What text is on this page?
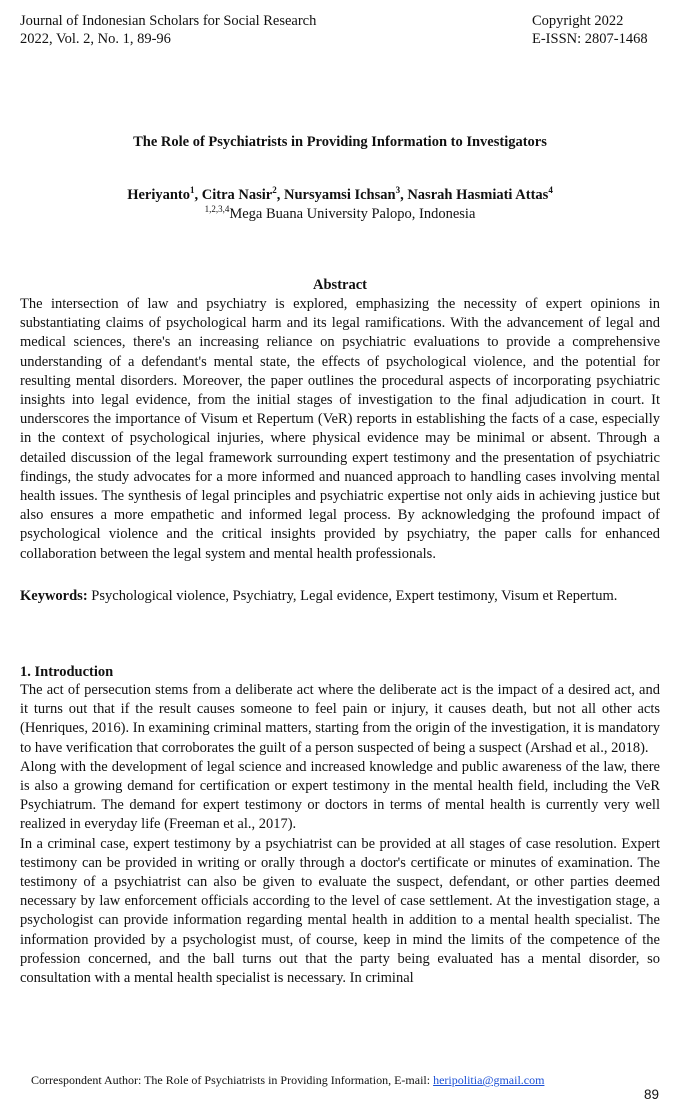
Journal of Indonesian Scholars for Social Research
2022, Vol. 2, No. 1, 89-96
Copyright 2022
E-ISSN: 2807-1468
The Role of Psychiatrists in Providing Information to Investigators
Heriyanto$^1$, Citra Nasir$^2$, Nursyamsi Ichsan$^3$, Nasrah Hasmiati Attas$^4$
$^{1,2,3,4}$Mega Buana University Palopo, Indonesia
Abstract

The intersection of law and psychiatry is explored, emphasizing the necessity of expert opinions in substantiating claims of psychological harm and its legal ramifications. With the advancement of legal and medical sciences, there's an increasing reliance on psychiatric evaluations to provide a comprehensive understanding of a defendant's mental state, the effects of psychological violence, and the potential for resulting mental disorders. Moreover, the paper outlines the procedural aspects of incorporating psychiatric insights into legal evidence, from the initial stages of investigation to the final adjudication in court. It underscores the importance of Visum et Repertum (VeR) reports in establishing the facts of a case, especially in the context of psychological injuries, where physical evidence may be minimal or absent. Through a detailed discussion of the legal framework surrounding expert testimony and the presentation of psychiatric findings, the study advocates for a more informed and nuanced approach to handling cases involving mental health issues. The synthesis of legal principles and psychiatric expertise not only aids in achieving justice but also ensures a more empathetic and informed legal process. By acknowledging the profound impact of psychological violence and the critical insights provided by psychiatry, the paper calls for enhanced collaboration between the legal system and mental health professionals.

Keywords: Psychological violence, Psychiatry, Legal evidence, Expert testimony, Visum et Repertum.

1. Introduction

The act of persecution stems from a deliberate act where the deliberate act is the impact of a desired act, and it turns out that if the result causes someone to feel pain or injury, it causes death, but not all other acts (Henriques, 2016). In examining criminal matters, starting from the origin of the investigation, it is mandatory to have verification that corroborates the guilt of a person suspected of being a suspect (Arshad et al., 2018).

Along with the development of legal science and increased knowledge and public awareness of the law, there is also a growing demand for certification or expert testimony in the mental health field, including the VeR Psychiatrum. The demand for expert testimony or doctors in terms of mental health is currently very well realized in everyday life (Freeman et al., 2017).

In a criminal case, expert testimony by a psychiatrist can be provided at all stages of case resolution. Expert testimony can be provided in writing or orally through a doctor's certificate or minutes of examination. The testimony of a psychiatrist can also be given to evaluate the suspect, defendant, or other parties deemed necessary by law enforcement officials according to the level of case settlement. At the investigation stage, a psychologist can provide information regarding mental health in addition to a mental health specialist. The information provided by a psychologist must, of course, keep in mind the limits of the competence of the profession concerned, and the ball turns out that the party being evaluated has a mental disorder, so consultation with a mental health specialist is necessary. In criminal

Correspondent Author: The Role of Psychiatrists in Providing Information, E-mail: heripolitia@gmail.com
89
